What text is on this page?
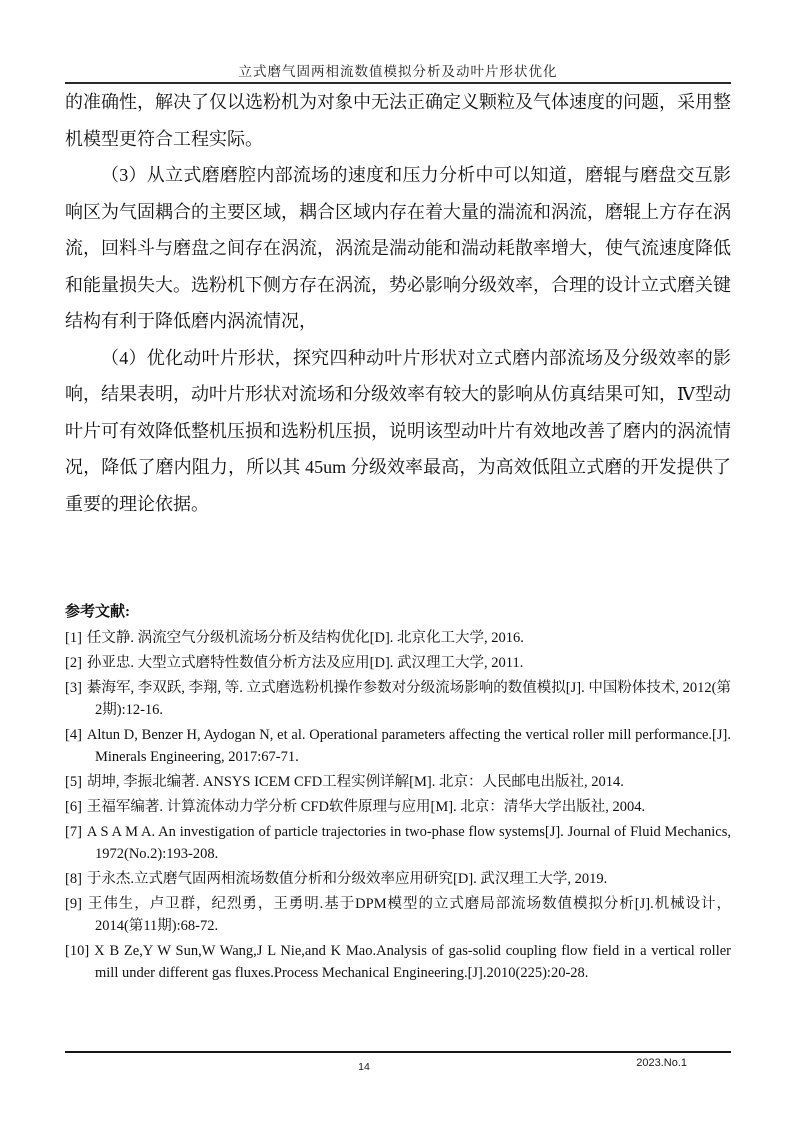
立式磨气固两相流数值模拟分析及动叶片形状优化

的准确性，解决了仅以选粉机为对象中无法正确定义颗粒及气体速度的问题，采用整机模型更符合工程实际。

（3）从立式磨磨腔内部流场的速度和压力分析中可以知道，磨辊与磨盘交互影响区为气固耦合的主要区域，耦合区域内存在着大量的湍流和涡流，磨辊上方存在涡流，回料斗与磨盘之间存在涡流，涡流是湍动能和湍动耗散率增大，使气流速度降低和能量损失大。选粉机下侧方存在涡流，势必影响分级效率，合理的设计立式磨关键结构有利于降低磨内涡流情况，

（4）优化动叶片形状，探究四种动叶片形状对立式磨内部流场及分级效率的影响，结果表明，动叶片形状对流场和分级效率有较大的影响从仿真结果可知，Ⅳ型动叶片可有效降低整机压损和选粉机压损，说明该型动叶片有效地改善了磨内的涡流情况，降低了磨内阻力，所以其 45um 分级效率最高，为高效低阻立式磨的开发提供了重要的理论依据。

参考文献:
[1] 任文静. 涡流空气分级机流场分析及结构优化[D]. 北京化工大学, 2016.
[2] 孙亚忠. 大型立式磨特性数值分析方法及应用[D]. 武汉理工大学, 2011.
[3] 綦海军, 李双跃, 李翔, 等. 立式磨选粉机操作参数对分级流场影响的数值模拟[J]. 中国粉体技术, 2012(第2期):12-16.
[4] Altun D, Benzer H, Aydogan N, et al. Operational parameters affecting the vertical roller mill performance.[J]. Minerals Engineering, 2017:67-71.
[5] 胡坤, 李振北编著. ANSYS ICEM CFD工程实例详解[M]. 北京：人民邮电出版社, 2014.
[6] 王福军编著. 计算流体动力学分析 CFD软件原理与应用[M]. 北京：清华大学出版社, 2004.
[7] A S A M A. An investigation of particle trajectories in two-phase flow systems[J]. Journal of Fluid Mechanics, 1972(No.2):193-208.
[8] 于永杰.立式磨气固两相流场数值分析和分级效率应用研究[D]. 武汉理工大学, 2019.
[9] 王伟生，卢卫群，纪烈勇，王勇明.基于DPM模型的立式磨局部流场数值模拟分析[J].机械设计， 2014(第11期):68-72.
[10] X B Ze,Y W Sun,W Wang,J L Nie,and K Mao.Analysis of gas-solid coupling flow field in a vertical roller mill under different gas fluxes.Process Mechanical Engineering.[J].2010(225):20-28.
14	2023.No.1
